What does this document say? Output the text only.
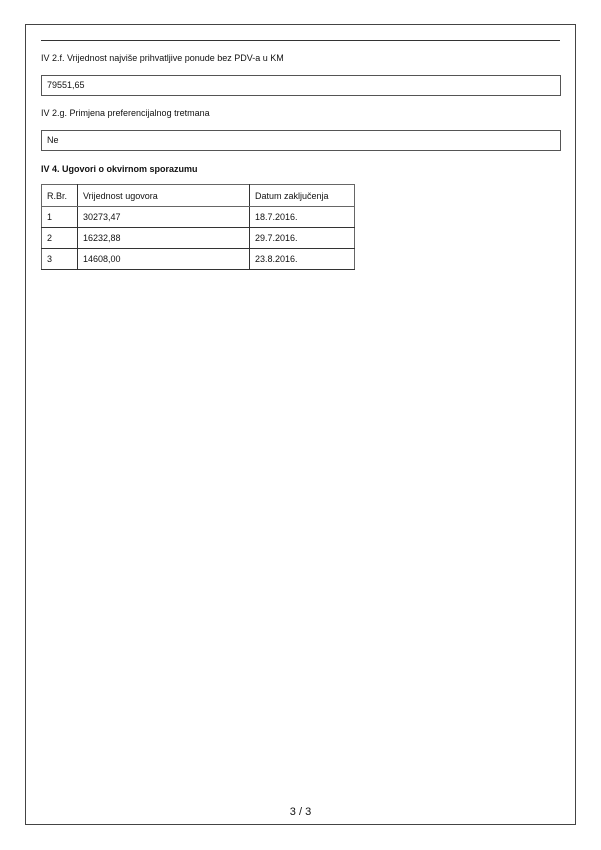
IV 2.f. Vrijednost najviše prihvatljive ponude bez PDV-a u KM
79551,65
IV 2.g. Primjena preferencijalnog tretmana
Ne
IV 4. Ugovori o okvirnom sporazumu
R.Br.	Vrijednost ugovora	Datum zaključenja
1	30273,47	18.7.2016.
2	16232,88	29.7.2016.
3	14608,00	23.8.2016.
3 / 3
